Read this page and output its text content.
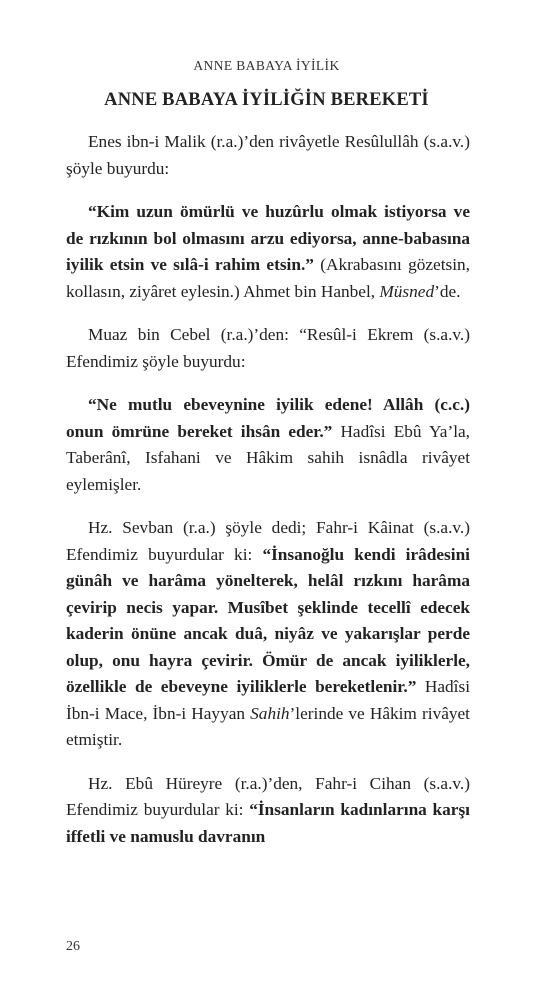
ANNE BABAYA İYİLİK
ANNE BABAYA İYİLİĞİN BEREKETİ

Enes ibn-i Malik (r.a.)’den rivâyetle Resûlullâh (s.a.v.) şöyle buyurdu:

“Kim uzun ömürlü ve huzûrlu olmak istiyorsa ve de rızkının bol olmasını arzu ediyorsa, anne-babasına iyilik etsin ve sılâ-i rahim etsin.” (Akrabasını gözetsin, kollasın, ziyâret eylesin.) Ahmet bin Hanbel, Müsned’de.

Muaz bin Cebel (r.a.)’den: “Resûl-i Ekrem (s.a.v.) Efendimiz şöyle buyurdu:

“Ne mutlu ebeveynine iyilik edene! Allâh (c.c.) onun ömrüne bereket ihsân eder.” Hadîsi Ebû Ya’la, Taberânî, Isfahani ve Hâkim sahih isnâdla rivâyet eylemişler.

Hz. Sevban (r.a.) şöyle dedi; Fahr-i Kâinat (s.a.v.) Efendimiz buyurdular ki: “İnsanoğlu kendi irâdesini günâh ve harâma yönelterek, helâl rızkını harâma çevirip necis yapar. Musîbet şeklinde tecellî edecek kaderin önüne ancak duâ, niyâz ve yakarışlar perde olup, onu hayra çevirir. Ömür de ancak iyiliklerle, özellikle de ebeveyne iyiliklerle bereketlenir.” Hadîsi İbn-i Mace, İbn-i Hayyan Sahih’lerinde ve Hâkim rivâyet etmiştir.

Hz. Ebû Hüreyre (r.a.)’den, Fahr-i Cihan (s.a.v.) Efendimiz buyurdular ki: “İnsanların kadınlarına karşı iffetli ve namuslu davranın

26
